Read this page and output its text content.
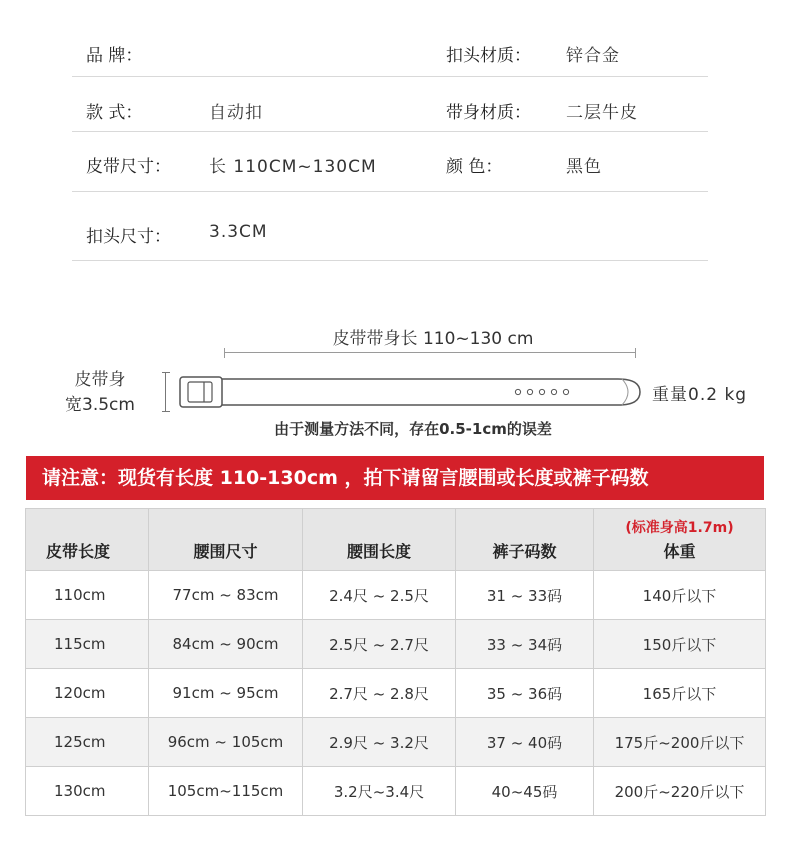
品 牌：	扣头材质： 锌合金
款 式：	自动扣	带身材质： 二层牛皮
皮带尺寸： 长 110CM~130CM	颜 色：	黑色
扣头尺寸： 3.3CM
皮带带身长 110~130 cm
皮带身
宽3.5cm	重量0.2 kg
由于测量方法不同，存在0.5-1cm的误差
请注意：现货有长度 110-130cm ，拍下请留言腰围或长度或裤子码数
皮带长度	腰围尺寸	腰围长度	裤子码数	(标准身高1.7m)
体重
110cm	77cm ~ 83cm	2.4尺 ~ 2.5尺	31 ~ 33码	140斤以下
115cm	84cm ~ 90cm	2.5尺 ~ 2.7尺	33 ~ 34码	150斤以下
120cm	91cm ~ 95cm	2.7尺 ~ 2.8尺	35 ~ 36码	165斤以下
125cm	96cm ~ 105cm	2.9尺 ~ 3.2尺	37 ~ 40码	175斤~200斤以下
130cm	105cm~115cm	3.2尺~3.4尺	40~45码	200斤~220斤以下
